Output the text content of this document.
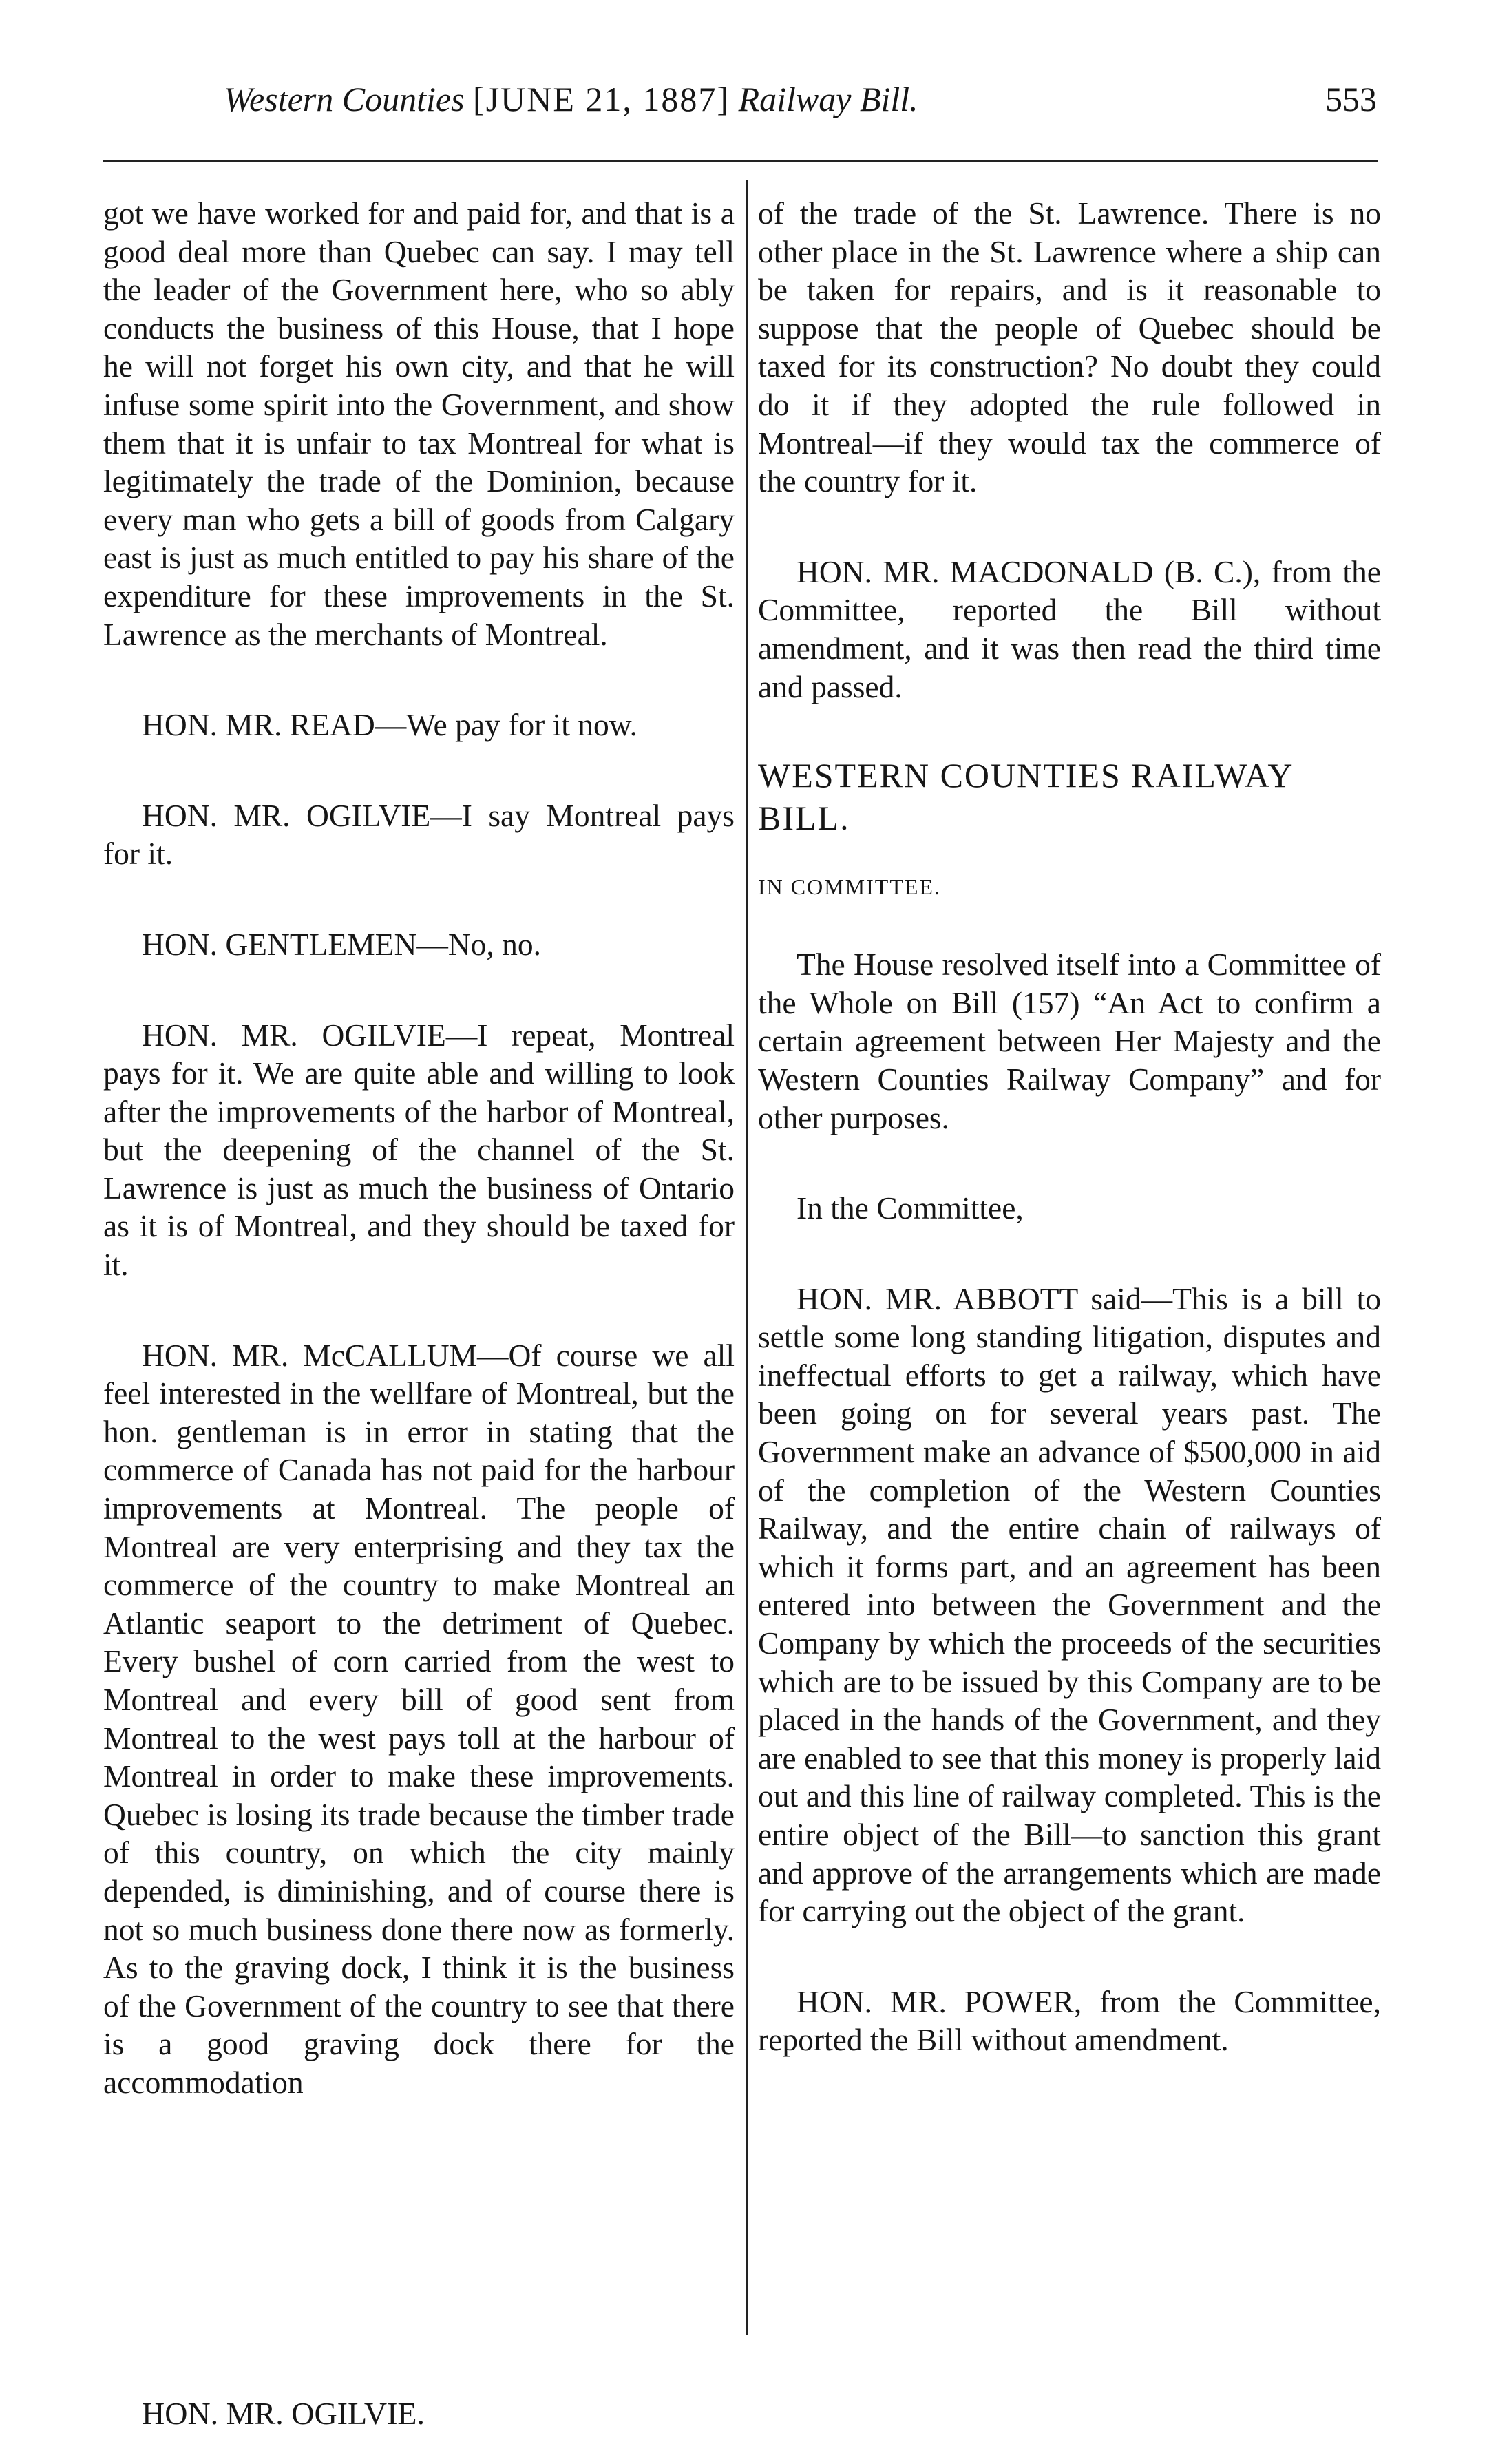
Western Counties [JUNE 21, 1887] Railway Bill.	553

got we have worked for and paid for, and that is a good deal more than Quebec can say. I may tell the leader of the Government here, who so ably conducts the business of this House, that I hope he will not forget his own city, and that he will infuse some spirit into the Government, and show them that it is unfair to tax Montreal for what is legitimately the trade of the Dominion, because every man who gets a bill of goods from Calgary east is just as much entitled to pay his share of the expenditure for these improvements in the St. Lawrence as the merchants of Montreal.

HON. MR. READ—We pay for it now.

HON. MR. OGILVIE—I say Montreal pays for it.

HON. GENTLEMEN—No, no.

HON. MR. OGILVIE—I repeat, Montreal pays for it. We are quite able and willing to look after the improvements of the harbor of Montreal, but the deepening of the channel of the St. Lawrence is just as much the business of Ontario as it is of Montreal, and they should be taxed for it.

HON. MR. McCALLUM—Of course we all feel interested in the wellfare of Montreal, but the hon. gentleman is in error in stating that the commerce of Canada has not paid for the harbour improvements at Montreal. The people of Montreal are very enterprising and they tax the commerce of the country to make Montreal an Atlantic seaport to the detriment of Quebec. Every bushel of corn carried from the west to Montreal and every bill of good sent from Montreal to the west pays toll at the harbour of Montreal in order to make these improvements. Quebec is losing its trade because the timber trade of this country, on which the city mainly depended, is diminishing, and of course there is not so much business done there now as formerly. As to the graving dock, I think it is the business of the Government of the country to see that there is a good graving dock there for the accommodation

of the trade of the St. Lawrence. There is no other place in the St. Lawrence where a ship can be taken for repairs, and is it reasonable to suppose that the people of Quebec should be taxed for its construction? No doubt they could do it if they adopted the rule followed in Montreal—if they would tax the commerce of the country for it.

HON. MR. MACDONALD (B. C.), from the Committee, reported the Bill without amendment, and it was then read the third time and passed.

WESTERN COUNTIES RAILWAY

BILL.

IN COMMITTEE.

The House resolved itself into a Committee of the Whole on Bill (157) “An Act to confirm a certain agreement between Her Majesty and the Western Counties Railway Company” and for other purposes.

In the Committee,

HON. MR. ABBOTT said—This is a bill to settle some long standing litigation, disputes and ineffectual efforts to get a railway, which have been going on for several years past. The Government make an advance of $500,000 in aid of the completion of the Western Counties Railway, and the entire chain of railways of which it forms part, and an agreement has been entered into between the Government and the Company by which the proceeds of the securities which are to be issued by this Company are to be placed in the hands of the Government, and they are enabled to see that this money is properly laid out and this line of railway completed. This is the entire object of the Bill—to sanction this grant and approve of the arrangements which are made for carrying out the object of the grant.

HON. MR. POWER, from the Committee, reported the Bill without amendment.

HON. MR. OGILVIE.
